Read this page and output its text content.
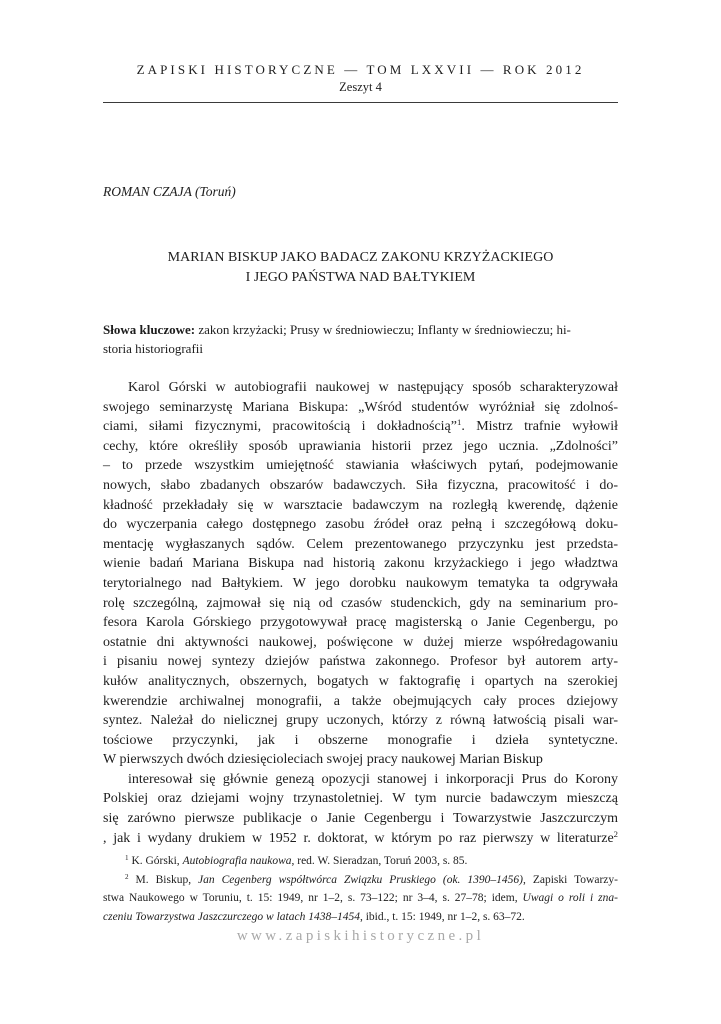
ZAPISKI HISTORYCZNE — TOM LXXVII — ROK 2012
Zeszyt 4
ROMAN CZAJA (Toruń)
MARIAN BISKUP JAKO BADACZ ZAKONU KRZYŻACKIEGO
I JEGO PAŃSTWA NAD BAŁTYKIEM
Słowa kluczowe: zakon krzyżacki; Prusy w średniowieczu; Inflanty w średniowieczu; hi-
storia historiografii
Karol Górski w autobiografii naukowej w następujący sposób scharakteryzował
swojego seminarzystę Mariana Biskupa: „Wśród studentów wyróżniał się zdolnoś-
ciami, siłami fizycznymi, pracowitością i dokładnością”$^1$. Mistrz trafnie wyłowił
cechy, które określiły sposób uprawiania historii przez jego ucznia. „Zdolności”
– to przede wszystkim umiejętność stawiania właściwych pytań, podejmowanie
nowych, słabo zbadanych obszarów badawczych. Siła fizyczna, pracowitość i do-
kładność przekładały się w warsztacie badawczym na rozległą kwerendę, dążenie
do wyczerpania całego dostępnego zasobu źródeł oraz pełną i szczegółową doku-
mentację wygłaszanych sądów. Celem prezentowanego przyczynku jest przedsta-
wienie badań Mariana Biskupa nad historią zakonu krzyżackiego i jego władztwa
terytorialnego nad Bałtykiem. W jego dorobku naukowym tematyka ta odgrywała
rolę szczególną, zajmował się nią od czasów studenckich, gdy na seminarium pro-
fesora Karola Górskiego przygotowywał pracę magisterską o Janie Cegenbergu, po
ostatnie dni aktywności naukowej, poświęcone w dużej mierze współredagowaniu
i pisaniu nowej syntezy dziejów państwa zakonnego. Profesor był autorem arty-
kułów analitycznych, obszernych, bogatych w faktografię i opartych na szerokiej
kwerendzie archiwalnej monografii, a także obejmujących cały proces dziejowy
syntez. Należał do nielicznej grupy uczonych, którzy z równą łatwością pisali war-
tościowe przyczynki, jak i obszerne monografie i dzieła syntetyczne.
W pierwszych dwóch dziesięcioleciach swojej pracy naukowej Marian Biskup
interesował się głównie genezą opozycji stanowej i inkorporacji Prus do Korony
Polskiej oraz dziejami wojny trzynastoletniej. W tym nurcie badawczym mieszczą
się zarówno pierwsze publikacje o Janie Cegenbergu i Towarzystwie Jaszczurczym
, jak i wydany drukiem w 1952 r. doktorat, w którym po raz pierwszy w literaturze$^2$
$^1$ K. Górski, Autobiografia naukowa, red. W. Sieradzan, Toruń 2003, s. 85.
$^2$ M. Biskup, Jan Cegenberg współtwórca Związku Pruskiego (ok. 1390–1456), Zapiski Towarzy-
stwa Naukowego w Toruniu, t. 15: 1949, nr 1–2, s. 73–122; nr 3–4, s. 27–78; idem, Uwagi o roli i zna-
czeniu Towarzystwa Jaszczurczego w latach 1438–1454, ibid., t. 15: 1949, nr 1–2, s. 63–72.
www.zapiskihistoryczne.pl
